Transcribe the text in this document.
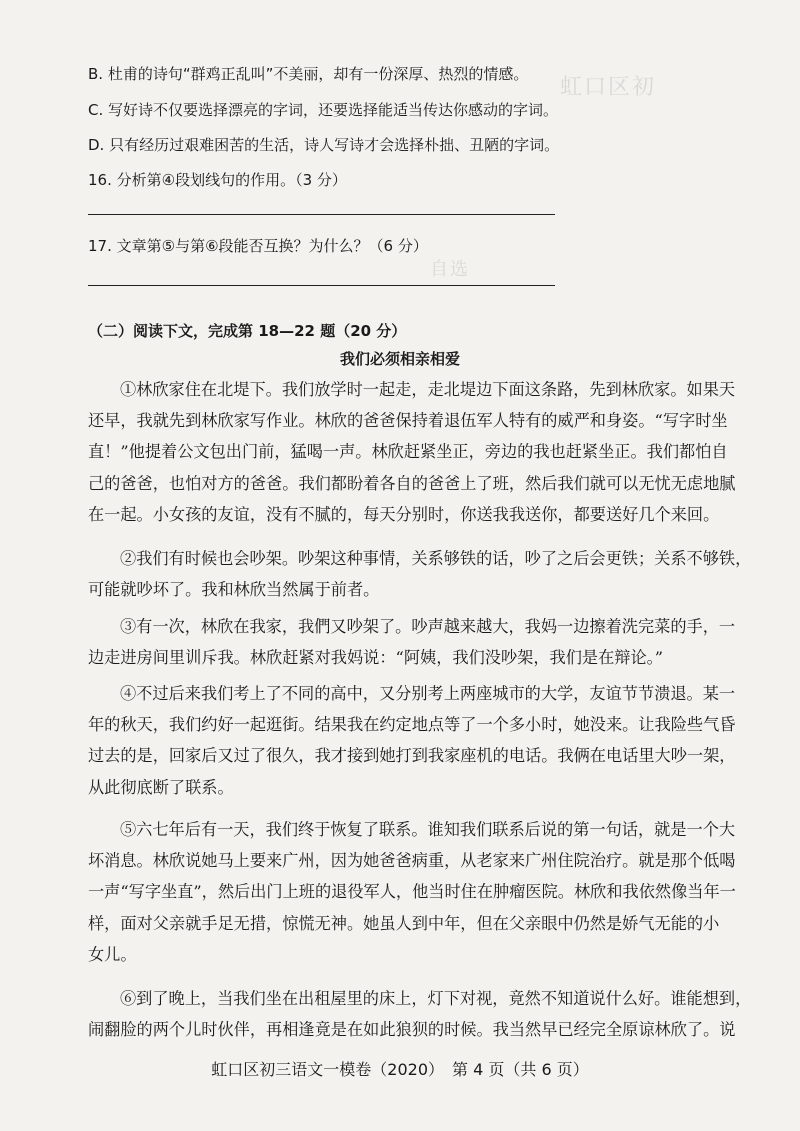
虹口区初
自选
B. 杜甫的诗句“群鸡正乱叫”不美丽，却有一份深厚、热烈的情感。
C. 写好诗不仅要选择漂亮的字词，还要选择能适当传达你感动的字词。
D. 只有经历过艰难困苦的生活，诗人写诗才会选择朴拙、丑陋的字词。
16. 分析第④段划线句的作用。（3 分）
17. 文章第⑤与第⑥段能否互换？为什么？（6 分）
（二）阅读下文，完成第 18—22 题（20 分）
我们必须相亲相爱
①林欣家住在北堤下。我们放学时一起走，走北堤边下面这条路，先到林欣家。如果天
还早，我就先到林欣家写作业。林欣的爸爸保持着退伍军人特有的威严和身姿。“写字时坐
直！”他提着公文包出门前，猛喝一声。林欣赶紧坐正，旁边的我也赶紧坐正。我们都怕自
己的爸爸，也怕对方的爸爸。我们都盼着各自的爸爸上了班，然后我们就可以无忧无虑地腻
在一起。小女孩的友谊，没有不腻的，每天分别时，你送我我送你，都要送好几个来回。
②我们有时候也会吵架。吵架这种事情，关系够铁的话，吵了之后会更铁；关系不够铁，
可能就吵坏了。我和林欣当然属于前者。
③有一次，林欣在我家，我們又吵架了。吵声越来越大，我妈一边擦着洗完菜的手，一
边走进房间里训斥我。林欣赶紧对我妈说：“阿姨，我们没吵架，我们是在辩论。”
④不过后来我们考上了不同的高中，又分别考上两座城市的大学，友谊节节溃退。某一
年的秋天，我们约好一起逛街。结果我在约定地点等了一个多小时，她没来。让我险些气昏
过去的是，回家后又过了很久，我才接到她打到我家座机的电话。我俩在电话里大吵一架，
从此彻底断了联系。
⑤六七年后有一天，我们终于恢复了联系。谁知我们联系后说的第一句话，就是一个大
坏消息。林欣说她马上要来广州，因为她爸爸病重，从老家来广州住院治疗。就是那个低喝
一声“写字坐直”，然后出门上班的退役军人，他当时住在肿瘤医院。林欣和我依然像当年一
样，面对父亲就手足无措，惊慌无神。她虽人到中年，但在父亲眼中仍然是娇气无能的小
女儿。
⑥到了晚上，当我们坐在出租屋里的床上，灯下对视，竟然不知道说什么好。谁能想到，
闹翻脸的两个儿时伙伴，再相逢竟是在如此狼狈的时候。我当然早已经完全原谅林欣了。说
虹口区初三语文一模卷（2020）　第 4 页（共 6 页）
